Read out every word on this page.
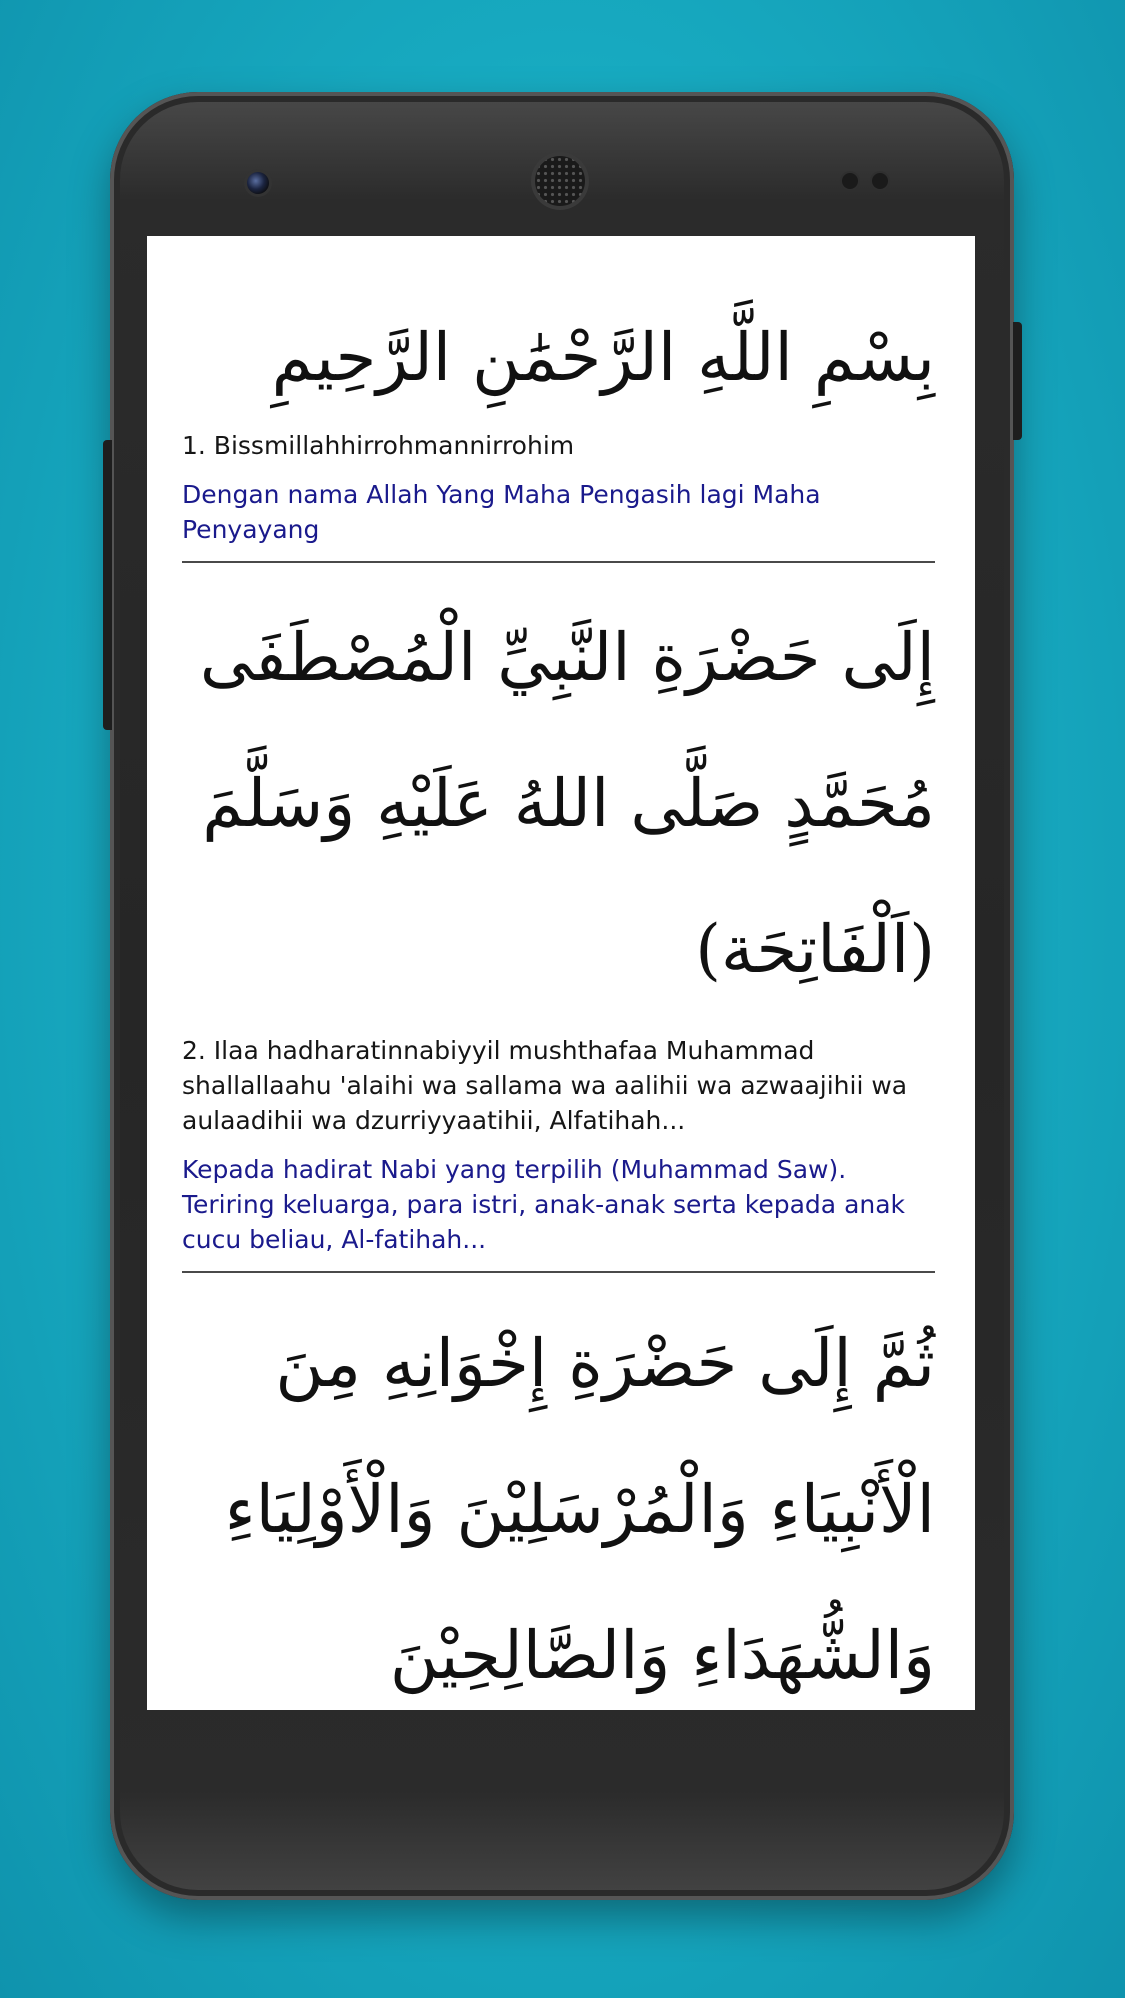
بِسْمِ اللَّهِ الرَّحْمَٰنِ الرَّحِيمِ

1. Bissmillahhirrohmannirrohim

Dengan nama Allah Yang Maha Pengasih lagi Maha Penyayang

إِلَى حَضْرَةِ النَّبِيِّ الْمُصْطَفَى

مُحَمَّدٍ صَلَّى اللهُ عَلَيْهِ وَسَلَّمَ

(اَلْفَاتِحَة)

2. Ilaa hadharatinnabiyyil mushthafaa Muhammad shallallaahu 'alaihi wa sallama wa aalihii wa azwaajihii wa aulaadihii wa dzurriyyaatihii, Alfatihah...

Kepada hadirat Nabi yang terpilih (Muhammad Saw). Teriring keluarga, para istri, anak-anak serta kepada anak cucu beliau, Al-fatihah...

ثُمَّ إِلَى حَضْرَةِ إِخْوَانِهِ مِنَ

الْأَنْبِيَاءِ وَالْمُرْسَلِيْنَ وَالْأَوْلِيَاءِ

وَالشُّهَدَاءِ وَالصَّالِحِيْنَ
